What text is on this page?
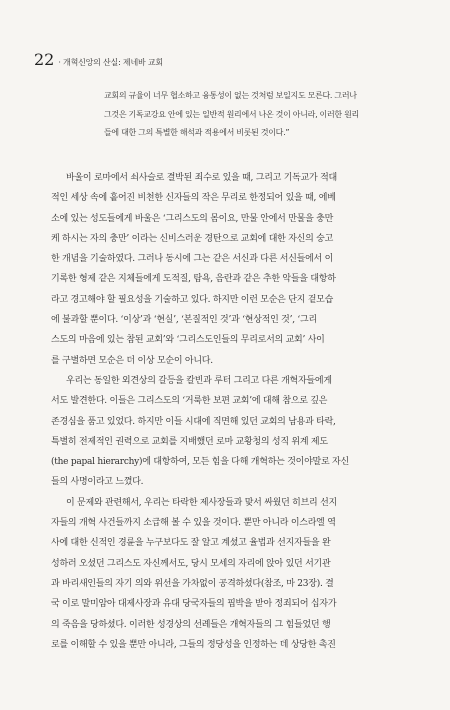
22 · 개혁신앙의 산실: 제네바 교회
교회의 규율이 너무 협소하고 융통성이 없는 것처럼 보일지도 모른다. 그러나
그것은 기독교강요 안에 있는 일반적 원리에서 나온 것이 아니라, 이러한 원리
들에 대한 그의 특별한 해석과 적용에서 비롯된 것이다.”
바울이 로마에서 쇠사슬로 결박된 죄수로 있을 때, 그리고 기독교가 적대
적인 세상 속에 흩어진 비천한 신자들의 작은 무리로 한정되어 있을 때, 에베
소에 있는 성도들에게 바울은 ‘그리스도의 몸이요, 만물 안에서 만물을 충만
케 하시는 자의 충만’ 이라는 신비스러운 경탄으로 교회에 대한 자신의 숭고
한 개념을 기술하였다. 그러나 동시에 그는 같은 서신과 다른 서신들에서 이
기록한 형제 같은 지체들에게 도적질, 탐욕, 음란과 같은 추한 악들을 대항하
라고 경고해야 할 필요성을 기술하고 있다. 하지만 이런 모순은 단지 겉모습
에 불과할 뿐이다. ‘이상’과 ‘현실’, ‘본질적인 것’과 ‘현상적인 것’, ‘그리
스도의 마음에 있는 참된 교회’와 ‘그리스도인들의 무리로서의 교회’ 사이
를 구별하면 모순은 더 이상 모순이 아니다.
우리는 동일한 외견상의 갈등을 칼빈과 루터 그리고 다른 개혁자들에게
서도 발견한다. 이들은 그리스도의 ‘거룩한 보편 교회’에 대해 참으로 깊은
존경심을 품고 있었다. 하지만 이들 시대에 직면해 있던 교회의 남용과 타락,
특별히 전제적인 권력으로 교회를 지배했던 로마 교황청의 성직 위계 제도
(the papal hierarchy)에 대항하여, 모든 힘을 다해 개혁하는 것이야말로 자신
들의 사명이라고 느꼈다.
이 문제와 관련해서, 우리는 타락한 제사장들과 맞서 싸웠던 히브리 선지
자들의 개혁 사건들까지 소급해 볼 수 있을 것이다. 뿐만 아니라 이스라엘 역
사에 대한 신적인 경륜을 누구보다도 잘 알고 계셨고 율법과 선지자들을 완
성하러 오셨던 그리스도 자신께서도, 당시 모세의 자리에 앉아 있던 서기관
과 바리새인들의 자기 의와 위선을 가차없이 공격하셨다(참조, 마 23장). 결
국 이로 말미암아 대제사장과 유대 당국자들의 핍박을 받아 정죄되어 십자가
의 죽음을 당하셨다. 이러한 성경상의 선례들은 개혁자들의 그 힘들었던 행
로를 이해할 수 있을 뿐만 아니라, 그들의 정당성을 인정하는 데 상당한 촉진
